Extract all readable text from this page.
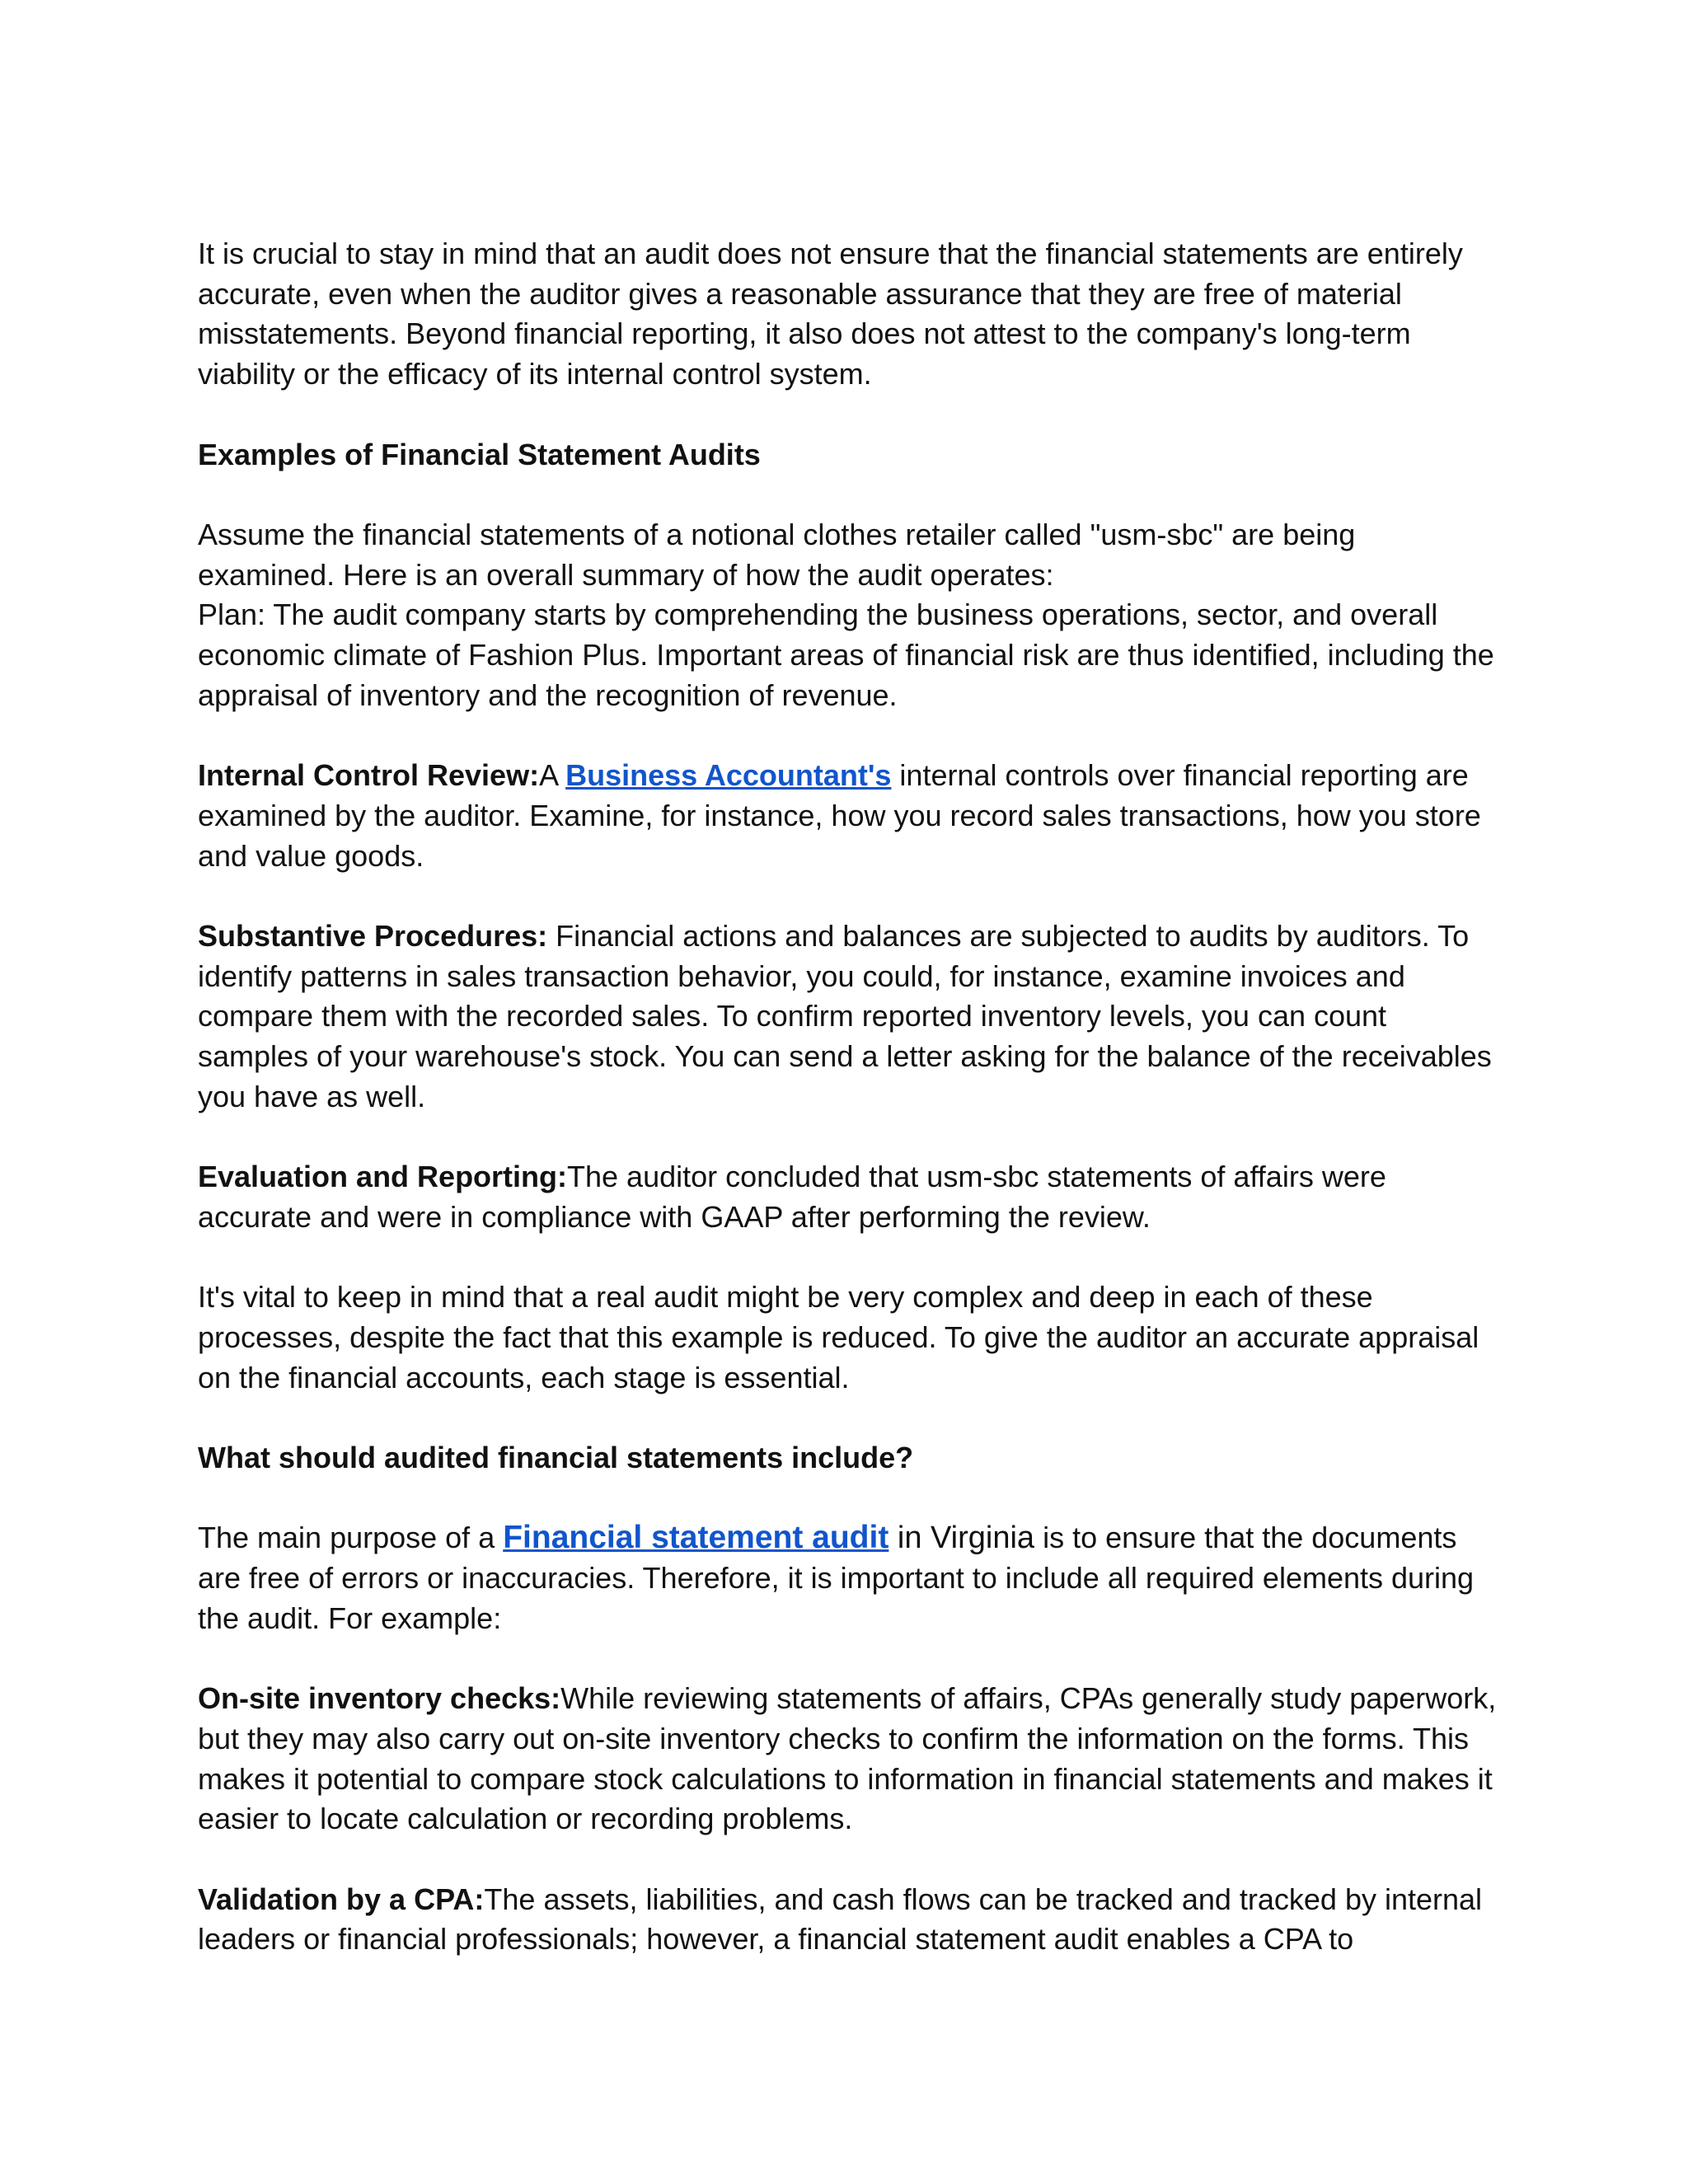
It is crucial to stay in mind that an audit does not ensure that the financial statements are entirely accurate, even when the auditor gives a reasonable assurance that they are free of material misstatements. Beyond financial reporting, it also does not attest to the company's long-term viability or the efficacy of its internal control system.

Examples of Financial Statement Audits

Assume the financial statements of a notional clothes retailer called "usm-sbc" are being examined. Here is an overall summary of how the audit operates:

Plan: The audit company starts by comprehending the business operations, sector, and overall economic climate of Fashion Plus. Important areas of financial risk are thus identified, including the appraisal of inventory and the recognition of revenue.

Internal Control Review:A Business Accountant's internal controls over financial reporting are examined by the auditor. Examine, for instance, how you record sales transactions, how you store and value goods.

Substantive Procedures: Financial actions and balances are subjected to audits by auditors. To identify patterns in sales transaction behavior, you could, for instance, examine invoices and compare them with the recorded sales. To confirm reported inventory levels, you can count samples of your warehouse's stock. You can send a letter asking for the balance of the receivables you have as well.

Evaluation and Reporting:The auditor concluded that usm-sbc statements of affairs were accurate and were in compliance with GAAP after performing the review.

It's vital to keep in mind that a real audit might be very complex and deep in each of these processes, despite the fact that this example is reduced. To give the auditor an accurate appraisal on the financial accounts, each stage is essential.

What should audited financial statements include?

The main purpose of a Financial statement audit in Virginia is to ensure that the documents are free of errors or inaccuracies. Therefore, it is important to include all required elements during the audit. For example:

On-site inventory checks:While reviewing statements of affairs, CPAs generally study paperwork, but they may also carry out on-site inventory checks to confirm the information on the forms. This makes it potential to compare stock calculations to information in financial statements and makes it easier to locate calculation or recording problems.

Validation by a CPA:The assets, liabilities, and cash flows can be tracked and tracked by internal leaders or financial professionals; however, a financial statement audit enables a CPA to
